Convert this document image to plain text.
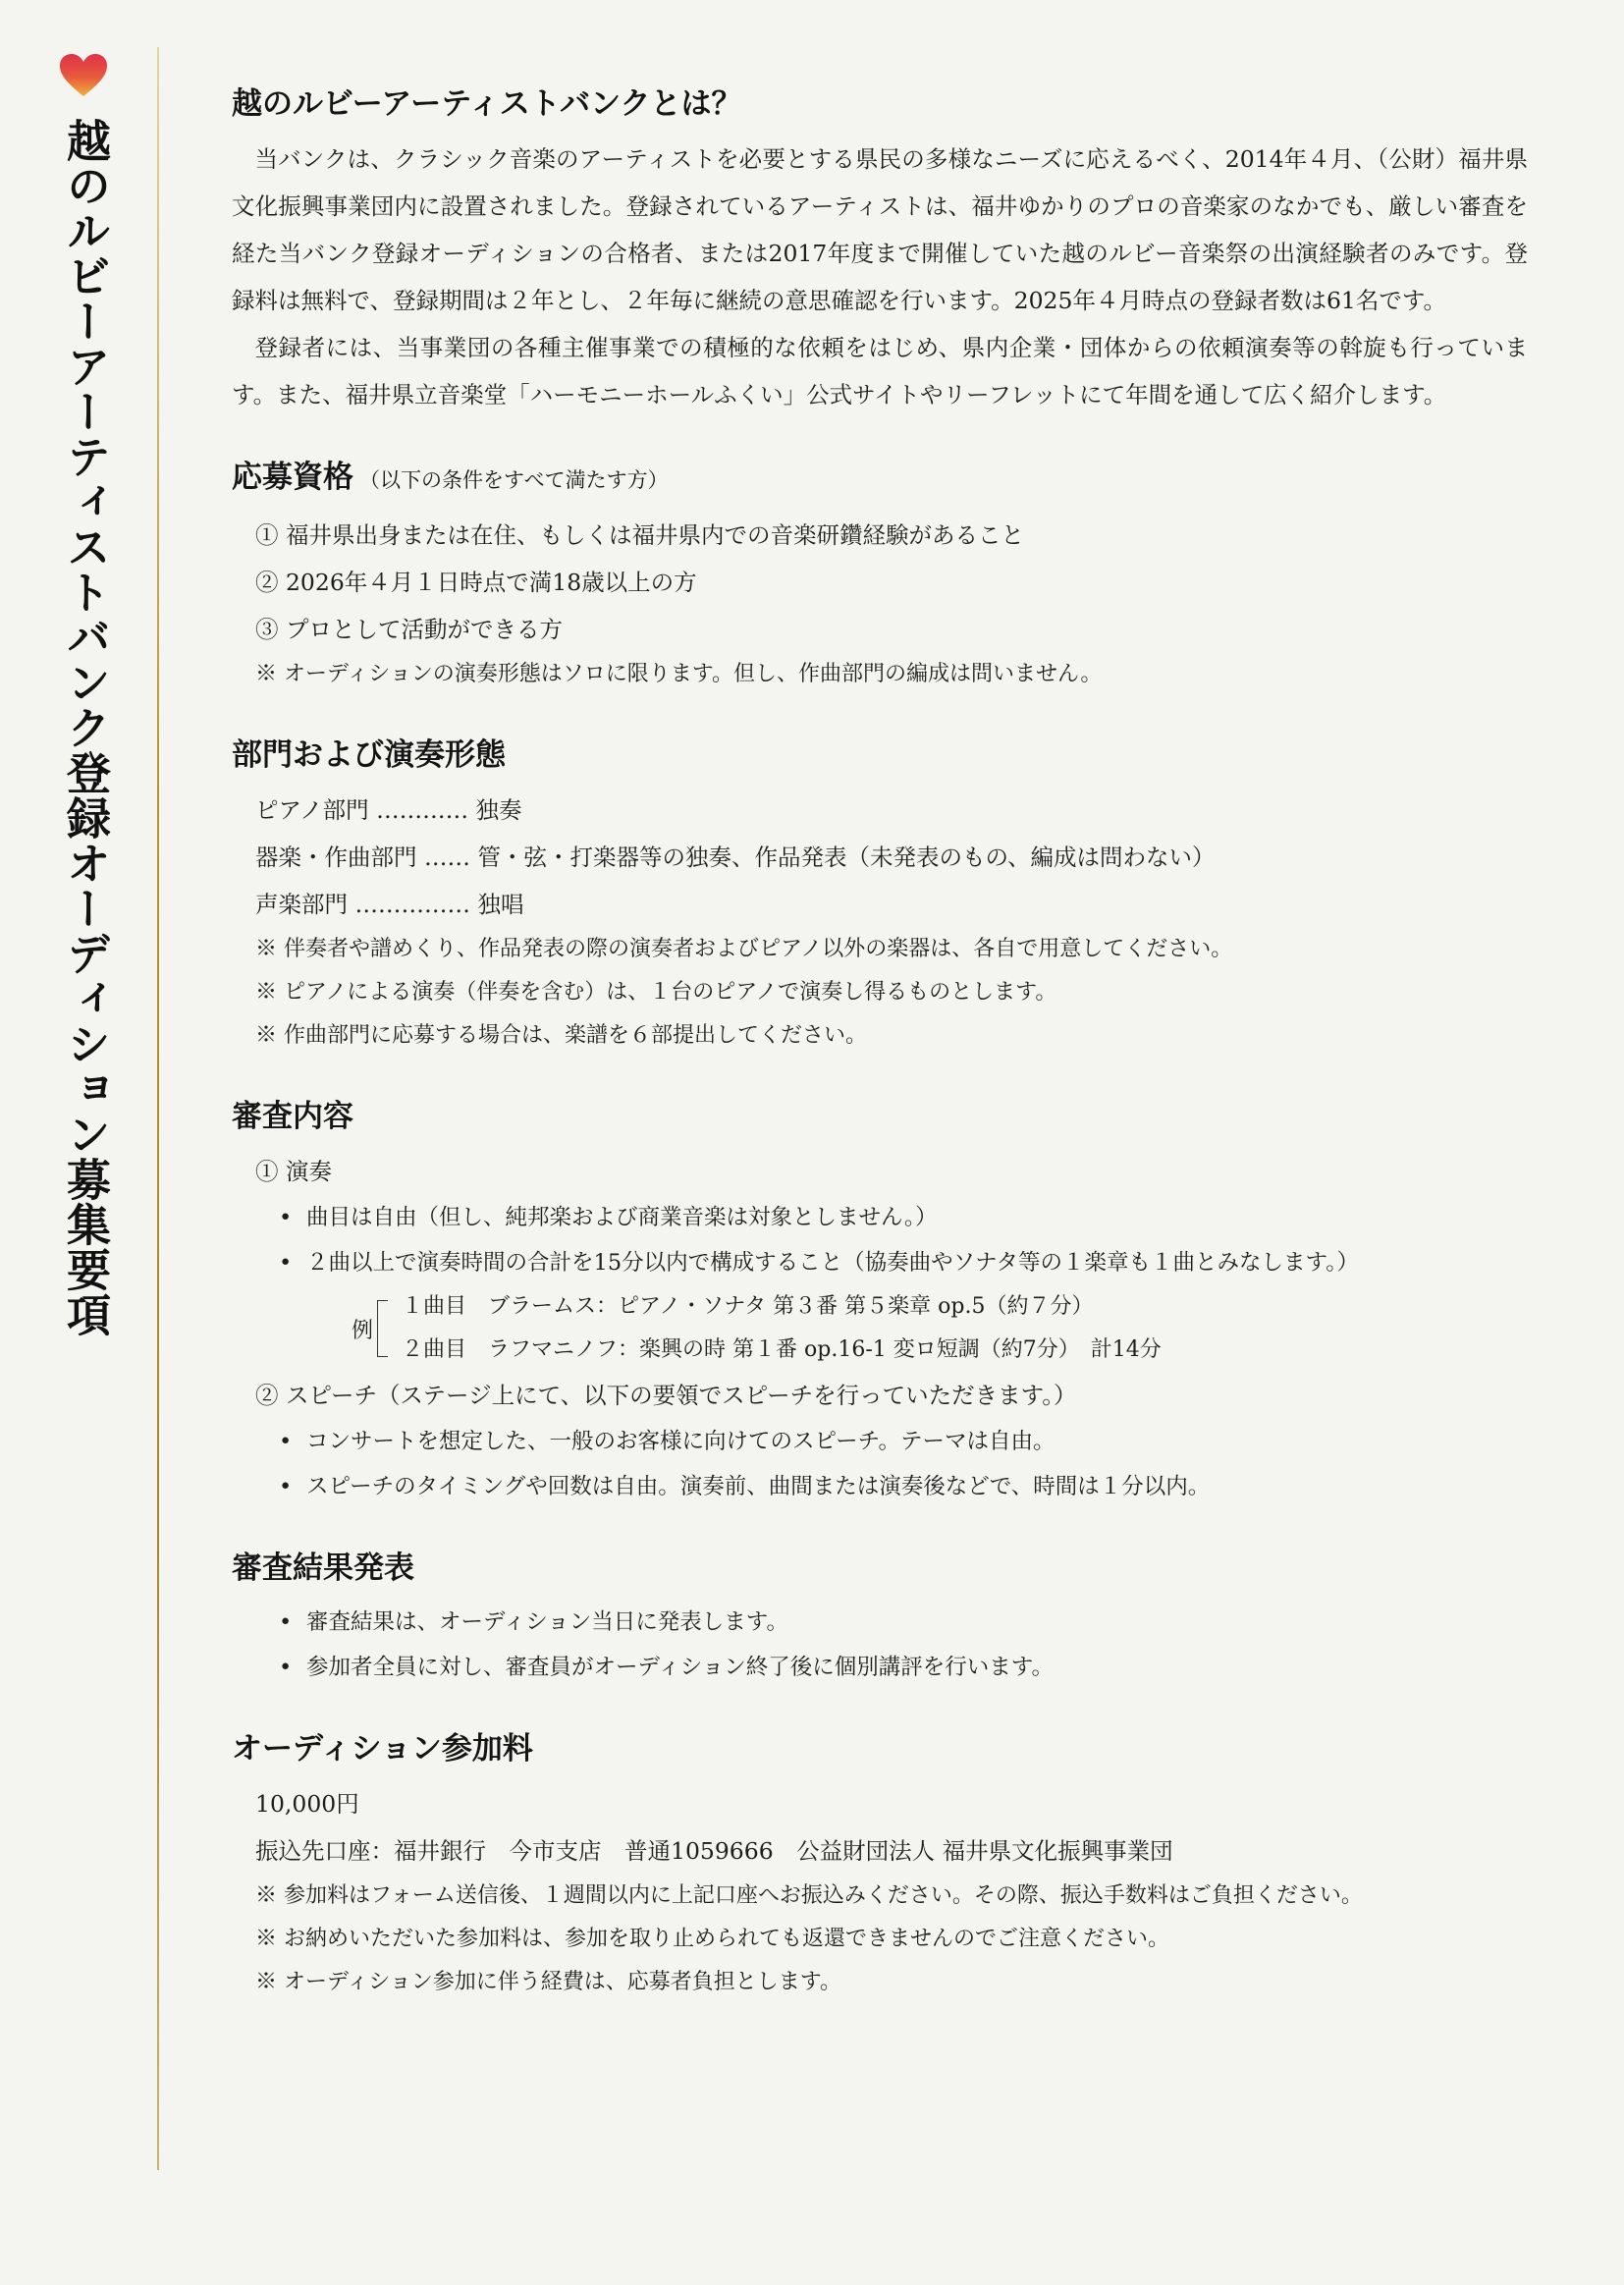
越のルビーアーティストバンク登録オーディション募集要項
越のルビーアーティストバンクとは？

当バンクは、クラシック音楽のアーティストを必要とする県民の多様なニーズに応えるべく、2014年４月、（公財）福井県文化振興事業団内に設置されました。登録されているアーティストは、福井ゆかりのプロの音楽家のなかでも、厳しい審査を経た当バンク登録オーディションの合格者、または2017年度まで開催していた越のルビー音楽祭の出演経験者のみです。登録料は無料で、登録期間は２年とし、２年毎に継続の意思確認を行います。2025年４月時点の登録者数は61名です。

登録者には、当事業団の各種主催事業での積極的な依頼をはじめ、県内企業・団体からの依頼演奏等の斡旋も行っています。また、福井県立音楽堂「ハーモニーホールふくい」公式サイトやリーフレットにて年間を通して広く紹介します。

応募資格 （以下の条件をすべて満たす方）

① 福井県出身または在住、もしくは福井県内での音楽研鑽経験があること

② 2026年４月１日時点で満18歳以上の方

③ プロとして活動ができる方

※ オーディションの演奏形態はソロに限ります。但し、作曲部門の編成は問いません。

部門および演奏形態

ピアノ部門 ………… 独奏

器楽・作曲部門 …… 管・弦・打楽器等の独奏、作品発表（未発表のもの、編成は問わない）

声楽部門 …………… 独唱

※ 伴奏者や譜めくり、作品発表の際の演奏者およびピアノ以外の楽器は、各自で用意してください。

※ ピアノによる演奏（伴奏を含む）は、１台のピアノで演奏し得るものとします。

※ 作曲部門に応募する場合は、楽譜を６部提出してください。

審査内容

① 演奏

• 曲目は自由（但し、純邦楽および商業音楽は対象としません。）

• ２曲以上で演奏時間の合計を15分以内で構成すること（協奏曲やソナタ等の１楽章も１曲とみなします。）

例
１曲目　ブラームス：ピアノ・ソナタ 第３番 第５楽章 op.5（約７分）
２曲目　ラフマニノフ：楽興の時 第１番 op.16-1 変ロ短調（約7分）　計14分

② スピーチ（ステージ上にて、以下の要領でスピーチを行っていただきます。）

• コンサートを想定した、一般のお客様に向けてのスピーチ。テーマは自由。

• スピーチのタイミングや回数は自由。演奏前、曲間または演奏後などで、時間は１分以内。

審査結果発表

• 審査結果は、オーディション当日に発表します。

• 参加者全員に対し、審査員がオーディション終了後に個別講評を行います。

オーディション参加料

10,000円

振込先口座：福井銀行　今市支店　普通1059666　公益財団法人 福井県文化振興事業団

※ 参加料はフォーム送信後、１週間以内に上記口座へお振込みください。その際、振込手数料はご負担ください。

※ お納めいただいた参加料は、参加を取り止められても返還できませんのでご注意ください。

※ オーディション参加に伴う経費は、応募者負担とします。
